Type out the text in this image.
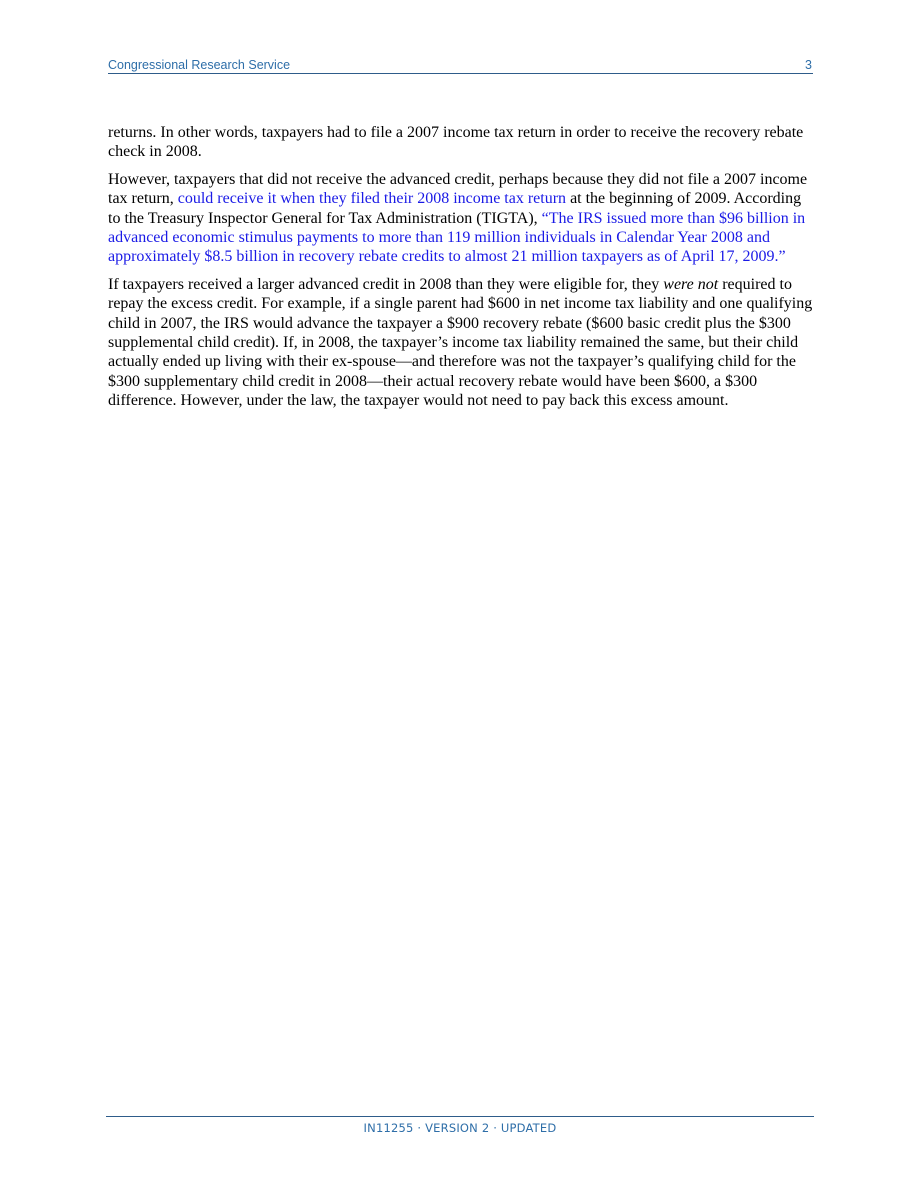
Congressional Research Service	3

returns. In other words, taxpayers had to file a 2007 income tax return in order to receive the recovery rebate check in 2008.

However, taxpayers that did not receive the advanced credit, perhaps because they did not file a 2007 income tax return, could receive it when they filed their 2008 income tax return at the beginning of 2009. According to the Treasury Inspector General for Tax Administration (TIGTA), “The IRS issued more than $96 billion in advanced economic stimulus payments to more than 119 million individuals in Calendar Year 2008 and approximately $8.5 billion in recovery rebate credits to almost 21 million taxpayers as of April 17, 2009.”

If taxpayers received a larger advanced credit in 2008 than they were eligible for, they were not required to repay the excess credit. For example, if a single parent had $600 in net income tax liability and one qualifying child in 2007, the IRS would advance the taxpayer a $900 recovery rebate ($600 basic credit plus the $300 supplemental child credit). If, in 2008, the taxpayer’s income tax liability remained the same, but their child actually ended up living with their ex-spouse—and therefore was not the taxpayer’s qualifying child for the $300 supplementary child credit in 2008—their actual recovery rebate would have been $600, a $300 difference. However, under the law, the taxpayer would not need to pay back this excess amount.

IN11255 · VERSION 2 · UPDATED
